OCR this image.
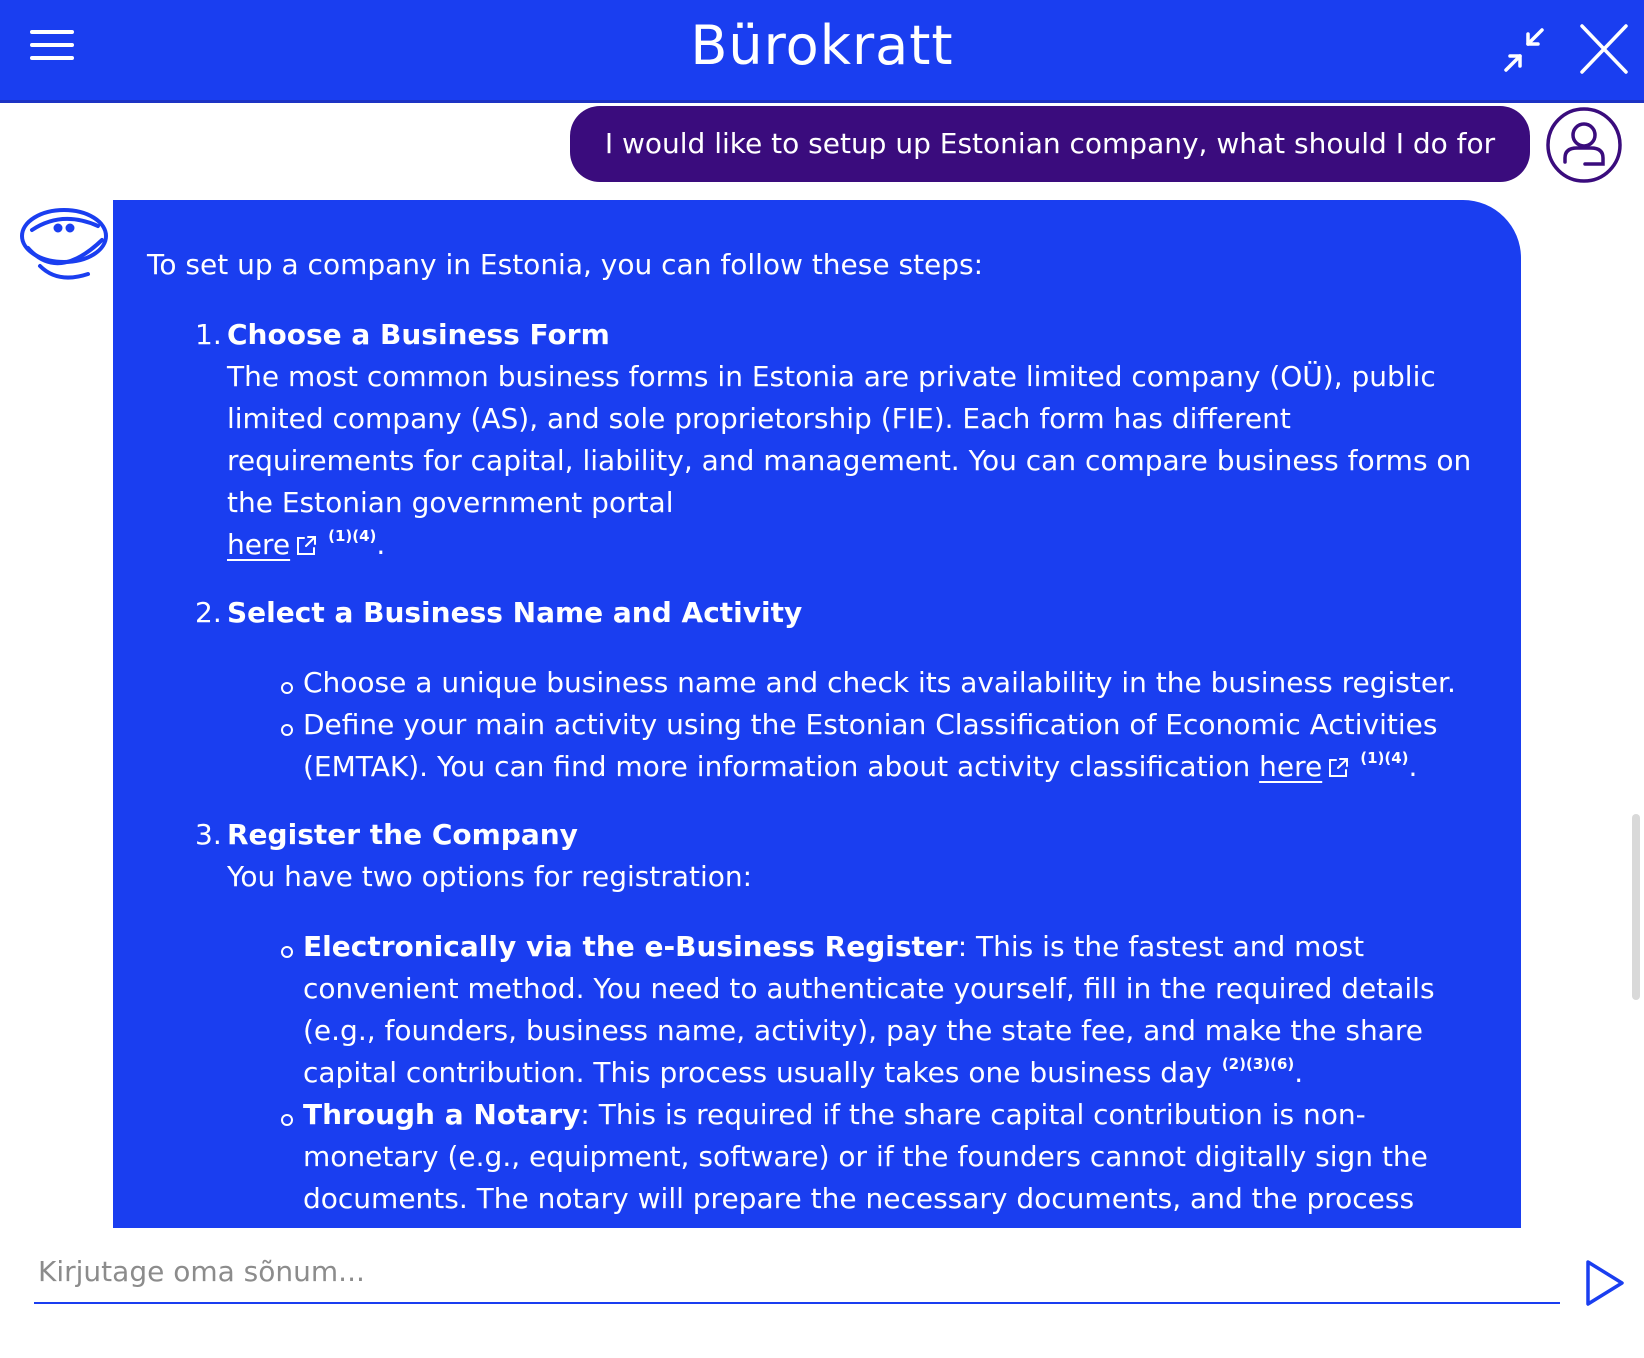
Bürokratt
I would like to setup up Estonian company, what should I do for
To set up a company in Estonia, you can follow these steps:
1. Choose a Business Form
The most common business forms in Estonia are private limited company (OÜ), public limited company (AS), and sole proprietorship (FIE). Each form has different requirements for capital, liability, and management. You can compare business forms on the Estonian government portal
here	$^{(1)(4)}$.
2. Select a Business Name and Activity
Choose a unique business name and check its availability in the business register.
Define your main activity using the Estonian Classification of Economic Activities (EMTAK). You can find more information about activity classification here	$^{(1)(4)}$.
3. Register the Company
You have two options for registration:
Electronically via the e-Business Register: This is the fastest and most convenient method. You need to authenticate yourself, fill in the required details (e.g., founders, business name, activity), pay the state fee, and make the share capital contribution. This process usually takes one business day $^{(2)(3)(6)}$.
Through a Notary: This is required if the share capital contribution is non-monetary (e.g., equipment, software) or if the founders cannot digitally sign the documents. The notary will prepare the necessary documents, and the process typically takes 2—3 business days
$^{(3)(6)}$.
Kirjutage oma sõnum...
